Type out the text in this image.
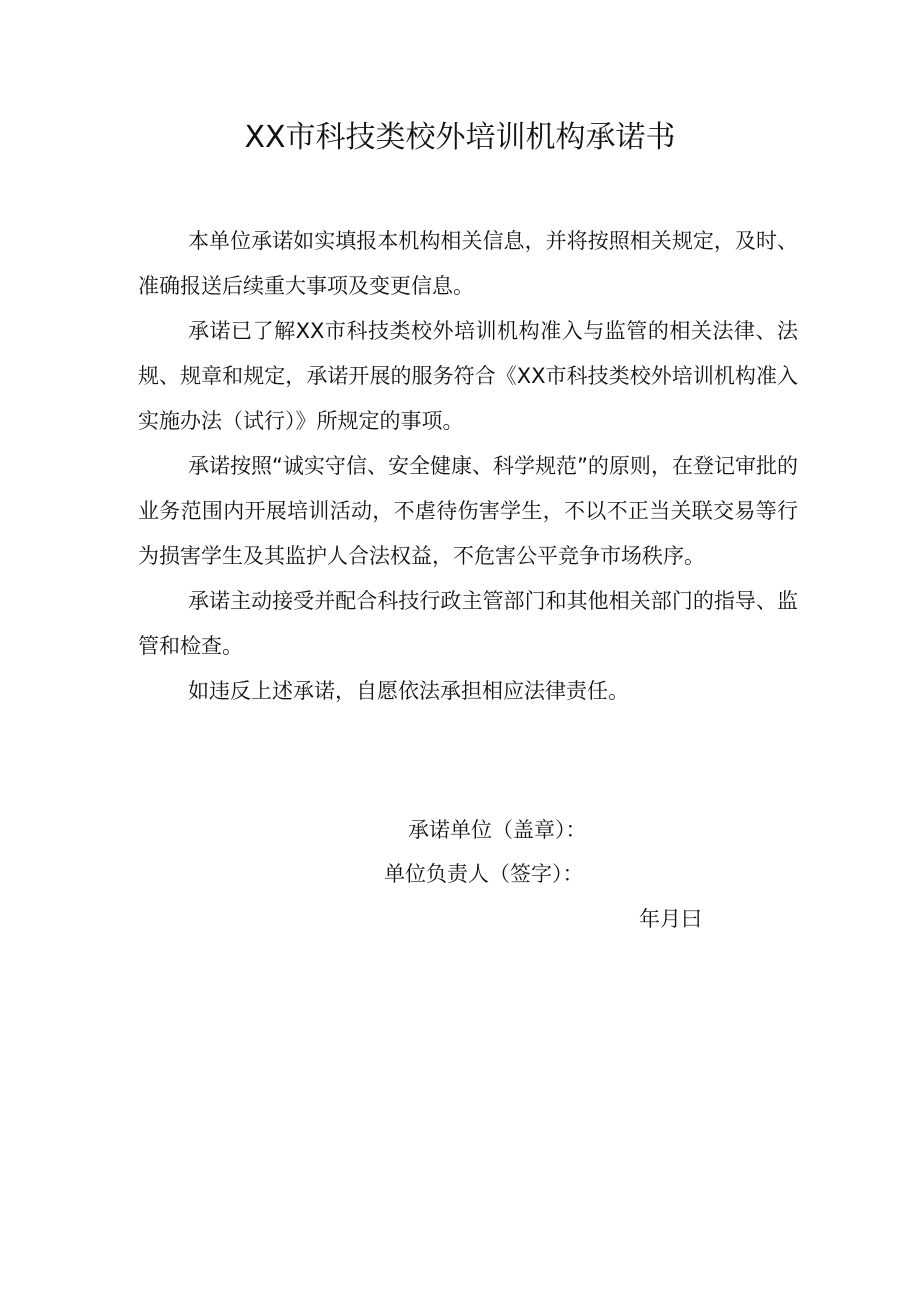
XX市科技类校外培训机构承诺书

本单位承诺如实填报本机构相关信息，并将按照相关规定，及时、准确报送后续重大事项及变更信息。

承诺已了解XX市科技类校外培训机构准入与监管的相关法律、法规、规章和规定，承诺开展的服务符合《XX市科技类校外培训机构准入实施办法（试行）》所规定的事项。

承诺按照“诚实守信、安全健康、科学规范”的原则，在登记审批的业务范围内开展培训活动，不虐待伤害学生，不以不正当关联交易等行为损害学生及其监护人合法权益，不危害公平竞争市场秩序。

承诺主动接受并配合科技行政主管部门和其他相关部门的指导、监管和检查。

如违反上述承诺，自愿依法承担相应法律责任。

承诺单位（盖章）：
单位负责人（签字）：
年月曰
